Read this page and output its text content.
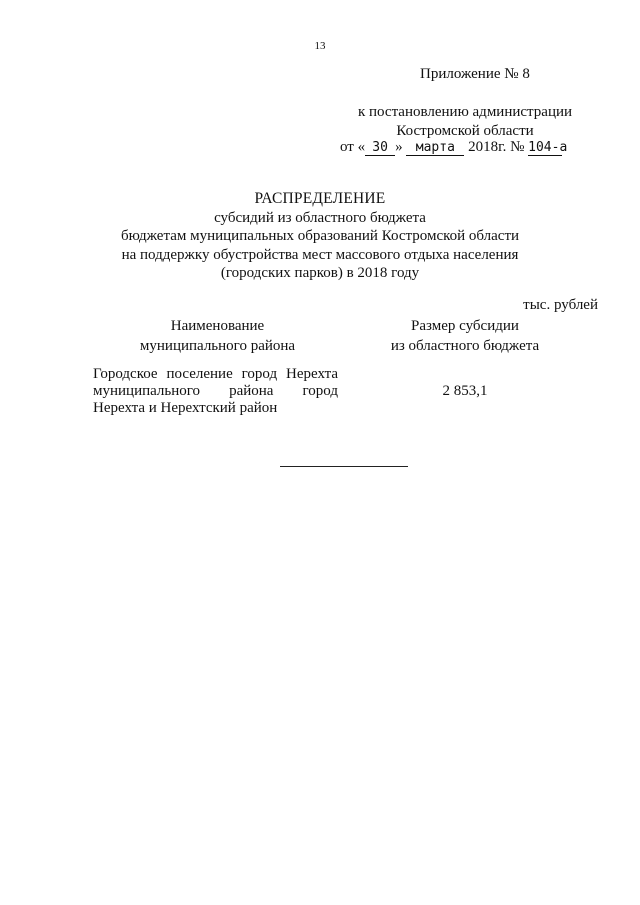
13
Приложение № 8
к постановлению администрации
Костромской области
от « 30 » марта 2018г. № 104-а
РАСПРЕДЕЛЕНИЕ
субсидий из областного бюджета
бюджетам муниципальных образований Костромской области
на поддержку обустройства мест массового отдыха населения
(городских парков) в 2018 году
тыс. рублей
Наименование
муниципального района
Размер субсидии
из областного бюджета
Городское поселение город Нерехта муниципального района город Нерехта и Нерехтский район
2 853,1
